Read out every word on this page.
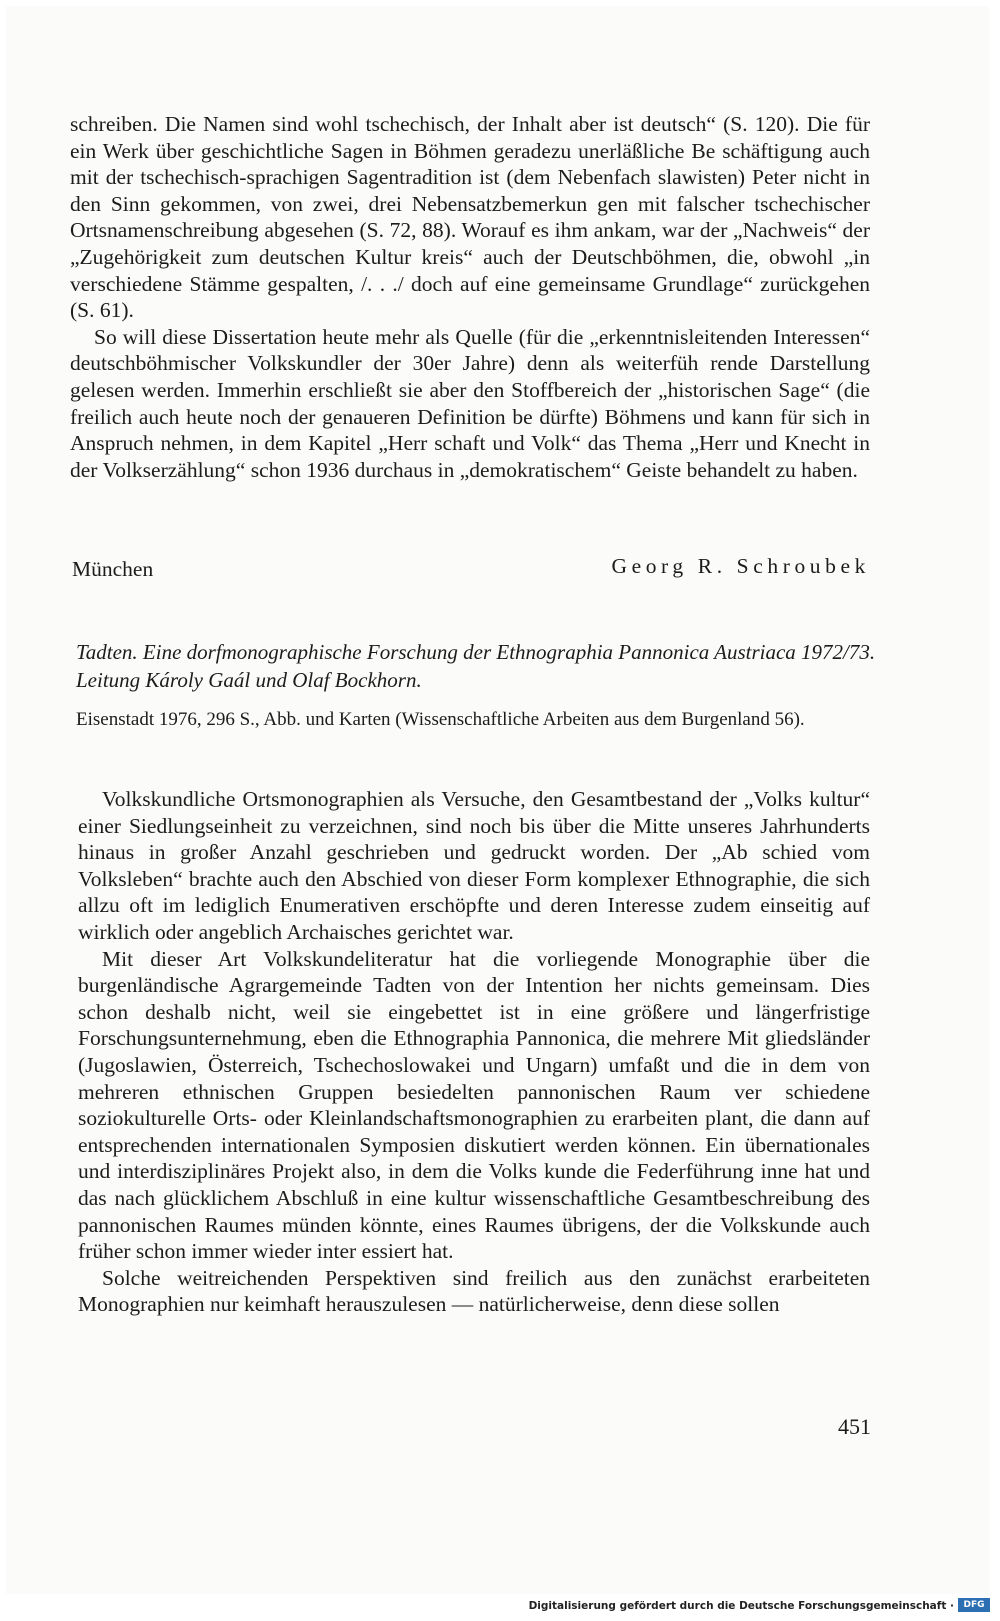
schreiben. Die Namen sind wohl tschechisch, der Inhalt aber ist deutsch“ (S. 120). Die für ein Werk über geschichtliche Sagen in Böhmen geradezu unerläßliche Be schäftigung auch mit der tschechisch-sprachigen Sagentradition ist (dem Nebenfach slawisten) Peter nicht in den Sinn gekommen, von zwei, drei Nebensatzbemerkun gen mit falscher tschechischer Ortsnamenschreibung abgesehen (S. 72, 88). Worauf es ihm ankam, war der „Nachweis“ der „Zugehörigkeit zum deutschen Kultur kreis“ auch der Deutschböhmen, die, obwohl „in verschiedene Stämme gespalten, /. . ./ doch auf eine gemeinsame Grundlage“ zurückgehen (S. 61).

So will diese Dissertation heute mehr als Quelle (für die „erkenntnisleitenden Interessen“ deutschböhmischer Volkskundler der 30er Jahre) denn als weiterfüh rende Darstellung gelesen werden. Immerhin erschließt sie aber den Stoffbereich der „historischen Sage“ (die freilich auch heute noch der genaueren Definition be dürfte) Böhmens und kann für sich in Anspruch nehmen, in dem Kapitel „Herr schaft und Volk“ das Thema „Herr und Knecht in der Volkserzählung“ schon 1936 durchaus in „demokratischem“ Geiste behandelt zu haben.

München	Georg R. Schroubek
Tadten. Eine dorfmonographische Forschung der Ethnographia Pannonica Austriaca 1972/73. Leitung Károly Gaál und Olaf Bockhorn.
Eisenstadt 1976, 296 S., Abb. und Karten (Wissenschaftliche Arbeiten aus dem Burgenland 56).

Volkskundliche Ortsmonographien als Versuche, den Gesamtbestand der „Volks kultur“ einer Siedlungseinheit zu verzeichnen, sind noch bis über die Mitte unseres Jahrhunderts hinaus in großer Anzahl geschrieben und gedruckt worden. Der „Ab schied vom Volksleben“ brachte auch den Abschied von dieser Form komplexer Ethnographie, die sich allzu oft im lediglich Enumerativen erschöpfte und deren Interesse zudem einseitig auf wirklich oder angeblich Archaisches gerichtet war.

Mit dieser Art Volkskundeliteratur hat die vorliegende Monographie über die burgenländische Agrargemeinde Tadten von der Intention her nichts gemeinsam. Dies schon deshalb nicht, weil sie eingebettet ist in eine größere und längerfristige Forschungsunternehmung, eben die Ethnographia Pannonica, die mehrere Mit gliedsländer (Jugoslawien, Österreich, Tschechoslowakei und Ungarn) umfaßt und die in dem von mehreren ethnischen Gruppen besiedelten pannonischen Raum ver schiedene soziokulturelle Orts- oder Kleinlandschaftsmonographien zu erarbeiten plant, die dann auf entsprechenden internationalen Symposien diskutiert werden können. Ein übernationales und interdisziplinäres Projekt also, in dem die Volks kunde die Federführung inne hat und das nach glücklichem Abschluß in eine kultur wissenschaftliche Gesamtbeschreibung des pannonischen Raumes münden könnte, eines Raumes übrigens, der die Volkskunde auch früher schon immer wieder inter essiert hat.

Solche weitreichenden Perspektiven sind freilich aus den zunächst erarbeiteten Monographien nur keimhaft herauszulesen — natürlicherweise, denn diese sollen

451
Digitalisierung gefördert durch die Deutsche Forschungsgemeinschaft ·	DFG
